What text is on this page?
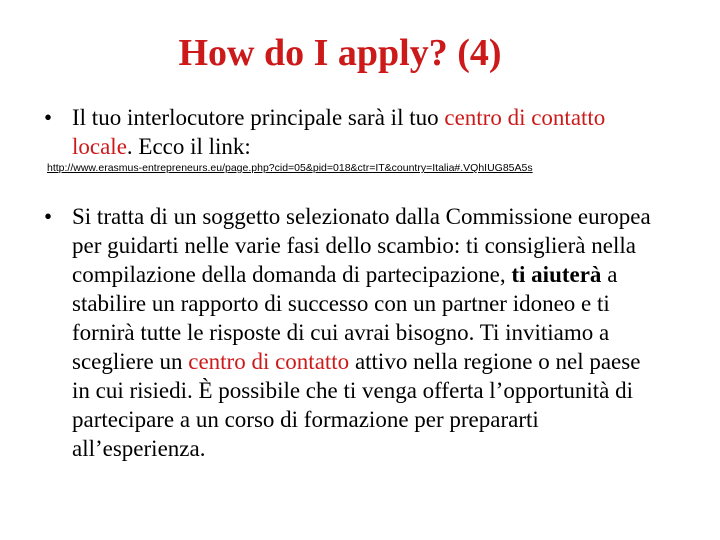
How do I apply? (4)
• Il tuo interlocutore principale sarà il tuo centro di contatto locale. Ecco il link:
http://www.erasmus-entrepreneurs.eu/page.php?cid=05&pid=018&ctr=IT&country=Italia#.VQhIUG85A5s
• Si tratta di un soggetto selezionato dalla Commissione europea per guidarti nelle varie fasi dello scambio: ti consiglierà nella compilazione della domanda di partecipazione, ti aiuterà a stabilire un rapporto di successo con un partner idoneo e ti fornirà tutte le risposte di cui avrai bisogno. Ti invitiamo a scegliere un centro di contatto attivo nella regione o nel paese in cui risiedi. È possibile che ti venga offerta l’opportunità di partecipare a un corso di formazione per prepararti all’esperienza.
